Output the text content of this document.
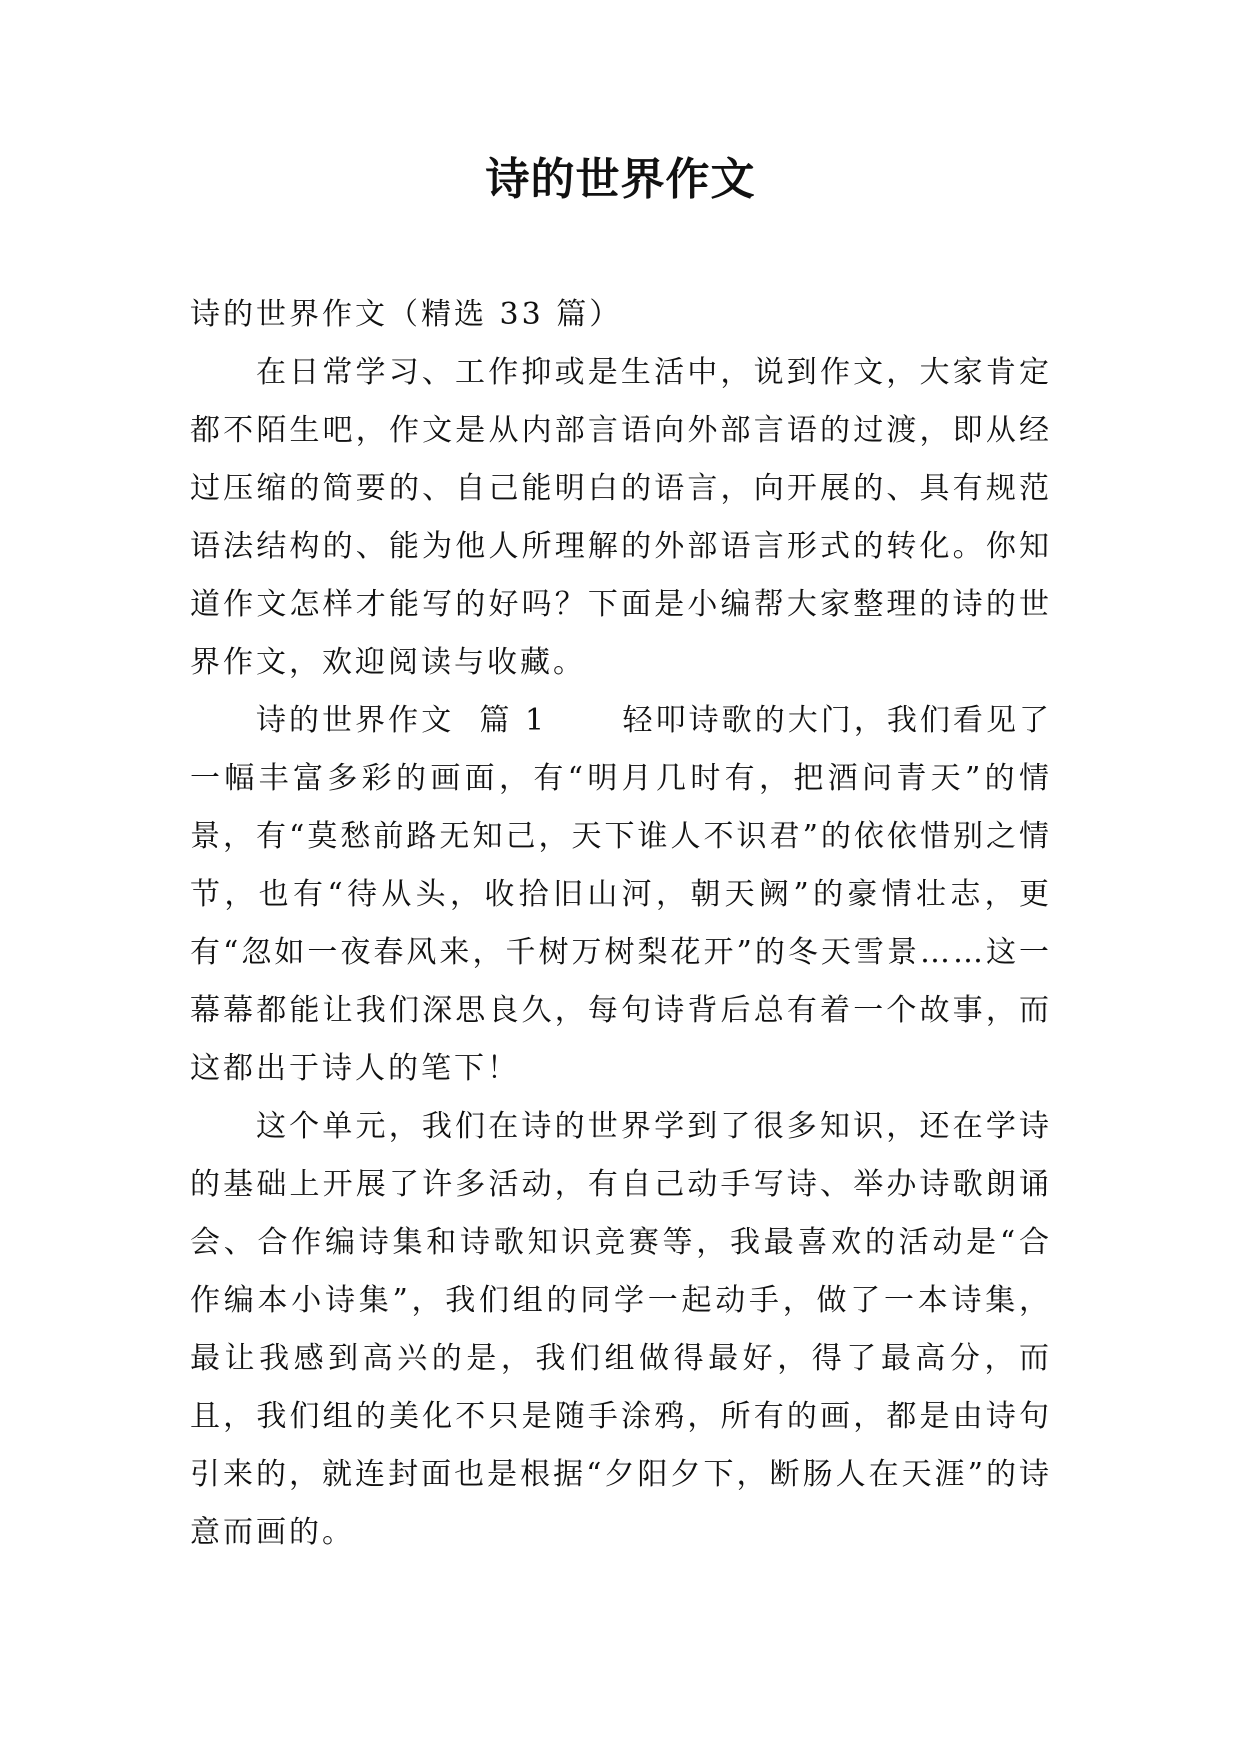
诗的世界作文

诗的世界作文（精选 33 篇）

在日常学习、工作抑或是生活中，说到作文，大家肯定都不陌生吧，作文是从内部言语向外部言语的过渡，即从经过压缩的简要的、自己能明白的语言，向开展的、具有规范语法结构的、能为他人所理解的外部语言形式的转化。你知道作文怎样才能写的好吗？下面是小编帮大家整理的诗的世界作文，欢迎阅读与收藏。

诗的世界作文  篇 1	轻叩诗歌的大门，我们看见了一幅丰富多彩的画面，有“明月几时有，把酒问青天”的情景，有“莫愁前路无知己，天下谁人不识君”的依依惜别之情节，也有“待从头，收拾旧山河，朝天阙”的豪情壮志，更有“忽如一夜春风来，千树万树梨花开”的冬天雪景……这一幕幕都能让我们深思良久，每句诗背后总有着一个故事，而这都出于诗人的笔下！

这个单元，我们在诗的世界学到了很多知识，还在学诗的基础上开展了许多活动，有自己动手写诗、举办诗歌朗诵会、合作编诗集和诗歌知识竞赛等，我最喜欢的活动是“合作编本小诗集”，我们组的同学一起动手，做了一本诗集，最让我感到高兴的是，我们组做得最好，得了最高分，而且，我们组的美化不只是随手涂鸦，所有的画，都是由诗句引来的，就连封面也是根据“夕阳夕下，断肠人在天涯”的诗意而画的。
